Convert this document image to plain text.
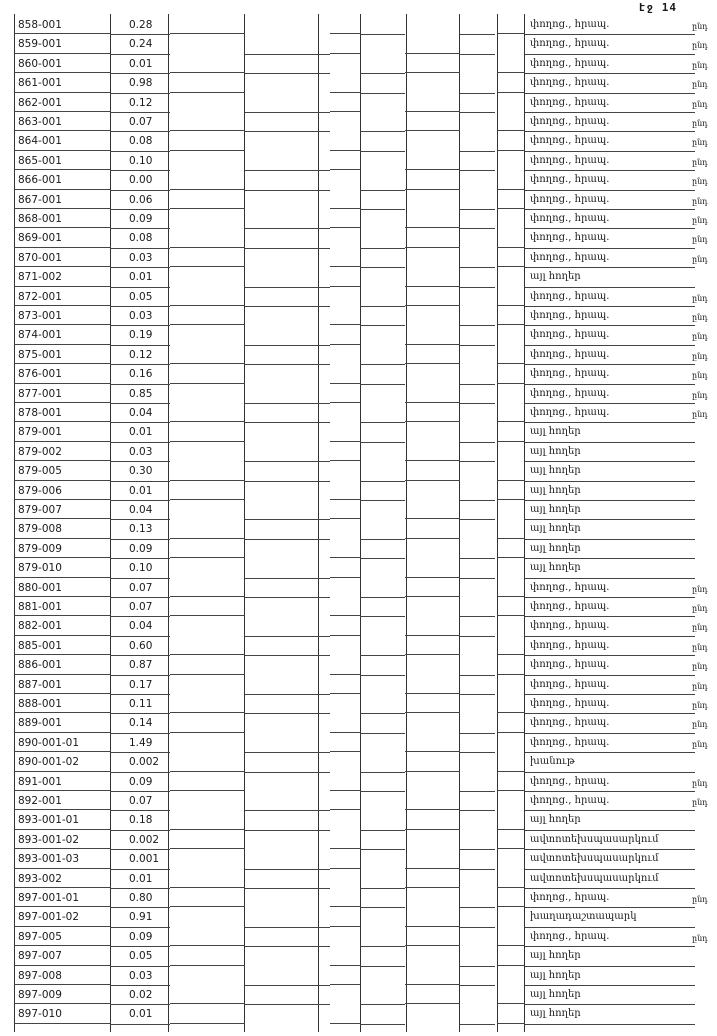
էջ 14
858-001	0.28	փողոց., հրապ.	ընդ
859-001	0.24	փողոց., հրապ.	ընդ
860-001	0.01	փողոց., հրապ.	ընդ
861-001	0.98	փողոց., հրապ.	ընդ
862-001	0.12	փողոց., հրապ.	ընդ
863-001	0.07	փողոց., հրապ.	ընդ
864-001	0.08	փողոց., հրապ.	ընդ
865-001	0.10	փողոց., հրապ.	ընդ
866-001	0.00	փողոց., հրապ.	ընդ
867-001	0.06	փողոց., հրապ.	ընդ
868-001	0.09	փողոց., հրապ.	ընդ
869-001	0.08	փողոց., հրապ.	ընդ
870-001	0.03	փողոց., հրապ.	ընդ
871-002	0.01	այլ հողեր
872-001	0.05	փողոց., հրապ.	ընդ
873-001	0.03	փողոց., հրապ.	ընդ
874-001	0.19	փողոց., հրապ.	ընդ
875-001	0.12	փողոց., հրապ.	ընդ
876-001	0.16	փողոց., հրապ.	ընդ
877-001	0.85	փողոց., հրապ.	ընդ
878-001	0.04	փողոց., հրապ.	ընդ
879-001	0.01	այլ հողեր
879-002	0.03	այլ հողեր
879-005	0.30	այլ հողեր
879-006	0.01	այլ հողեր
879-007	0.04	այլ հողեր
879-008	0.13	այլ հողեր
879-009	0.09	այլ հողեր
879-010	0.10	այլ հողեր
880-001	0.07	փողոց., հրապ.	ընդ
881-001	0.07	փողոց., հրապ.	ընդ
882-001	0.04	փողոց., հրապ.	ընդ
885-001	0.60	փողոց., հրապ.	ընդ
886-001	0.87	փողոց., հրապ.	ընդ
887-001	0.17	փողոց., հրապ.	ընդ
888-001	0.11	փողոց., հրապ.	ընդ
889-001	0.14	փողոց., հրապ.	ընդ
890-001-01	1.49	փողոց., հրապ.	ընդ
890-001-02	0.002	խանութ
891-001	0.09	փողոց., հրապ.	ընդ
892-001	0.07	փողոց., հրապ.	ընդ
893-001-01	0.18	այլ հողեր
893-001-02	0.002	ավտոտեխսպասարկում
893-001-03	0.001	ավտոտեխսպասարկում
893-002	0.01	ավտոտեխսպասարկում
897-001-01	0.80	փողոց., հրապ.	ընդ
897-001-02	0.91	խաղադաշտապարկ
897-005	0.09	փողոց., հրապ.	ընդ
897-007	0.05	այլ հողեր
897-008	0.03	այլ հողեր
897-009	0.02	այլ հողեր
897-010	0.01	այլ հողեր
